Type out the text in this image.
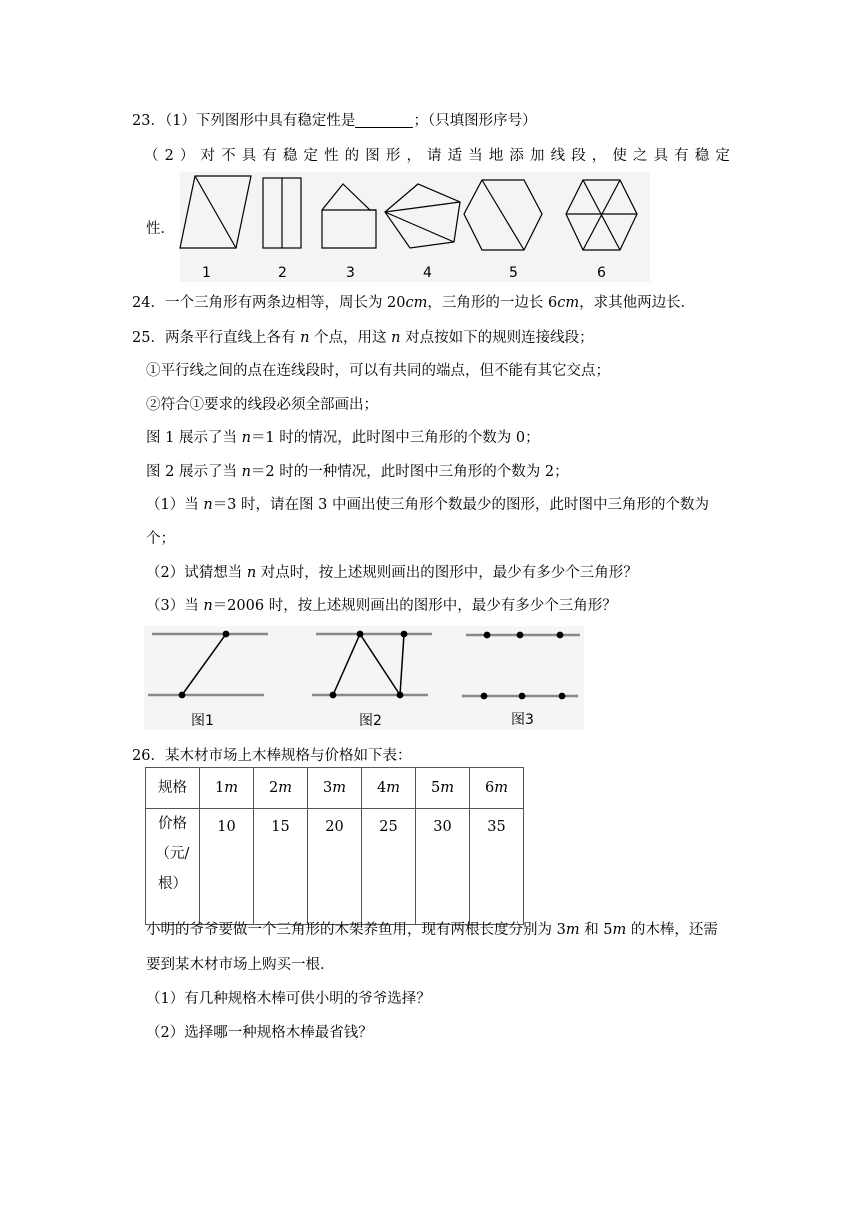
23．（1）下列图形中具有稳定性是	；（只填图形序号）
（ 2 ） 对 不 具 有 稳 定 性 的 图 形 ， 请 适 当 地 添 加 线 段 ， 使 之 具 有 稳 定
性．
1	2	3	4	5	6
24．一个三角形有两条边相等，周长为 20cm，三角形的一边长 6cm，求其他两边长．
25．两条平行直线上各有 n 个点，用这 n 对点按如下的规则连接线段；
①平行线之间的点在连线段时，可以有共同的端点，但不能有其它交点；
②符合①要求的线段必须全部画出；
图 1 展示了当 n＝1 时的情况，此时图中三角形的个数为 0；
图 2 展示了当 n＝2 时的一种情况，此时图中三角形的个数为 2；
（1）当 n＝3 时，请在图 3 中画出使三角形个数最少的图形，此时图中三角形的个数为
个；
（2）试猜想当 n 对点时，按上述规则画出的图形中，最少有多少个三角形？
（3）当 n＝2006 时，按上述规则画出的图形中，最少有多少个三角形？
图1	图2	图3
26．某木材市场上木棒规格与价格如下表：
规格	1m	2m	3m	4m	5m	6m

价格
（元/
根）	10	15	20	25	30	35
小明的爷爷要做一个三角形的木架养鱼用，现有两根长度分别为 3m 和 5m 的木棒，还需
要到某木材市场上购买一根．
（1）有几种规格木棒可供小明的爷爷选择？
（2）选择哪一种规格木棒最省钱？
